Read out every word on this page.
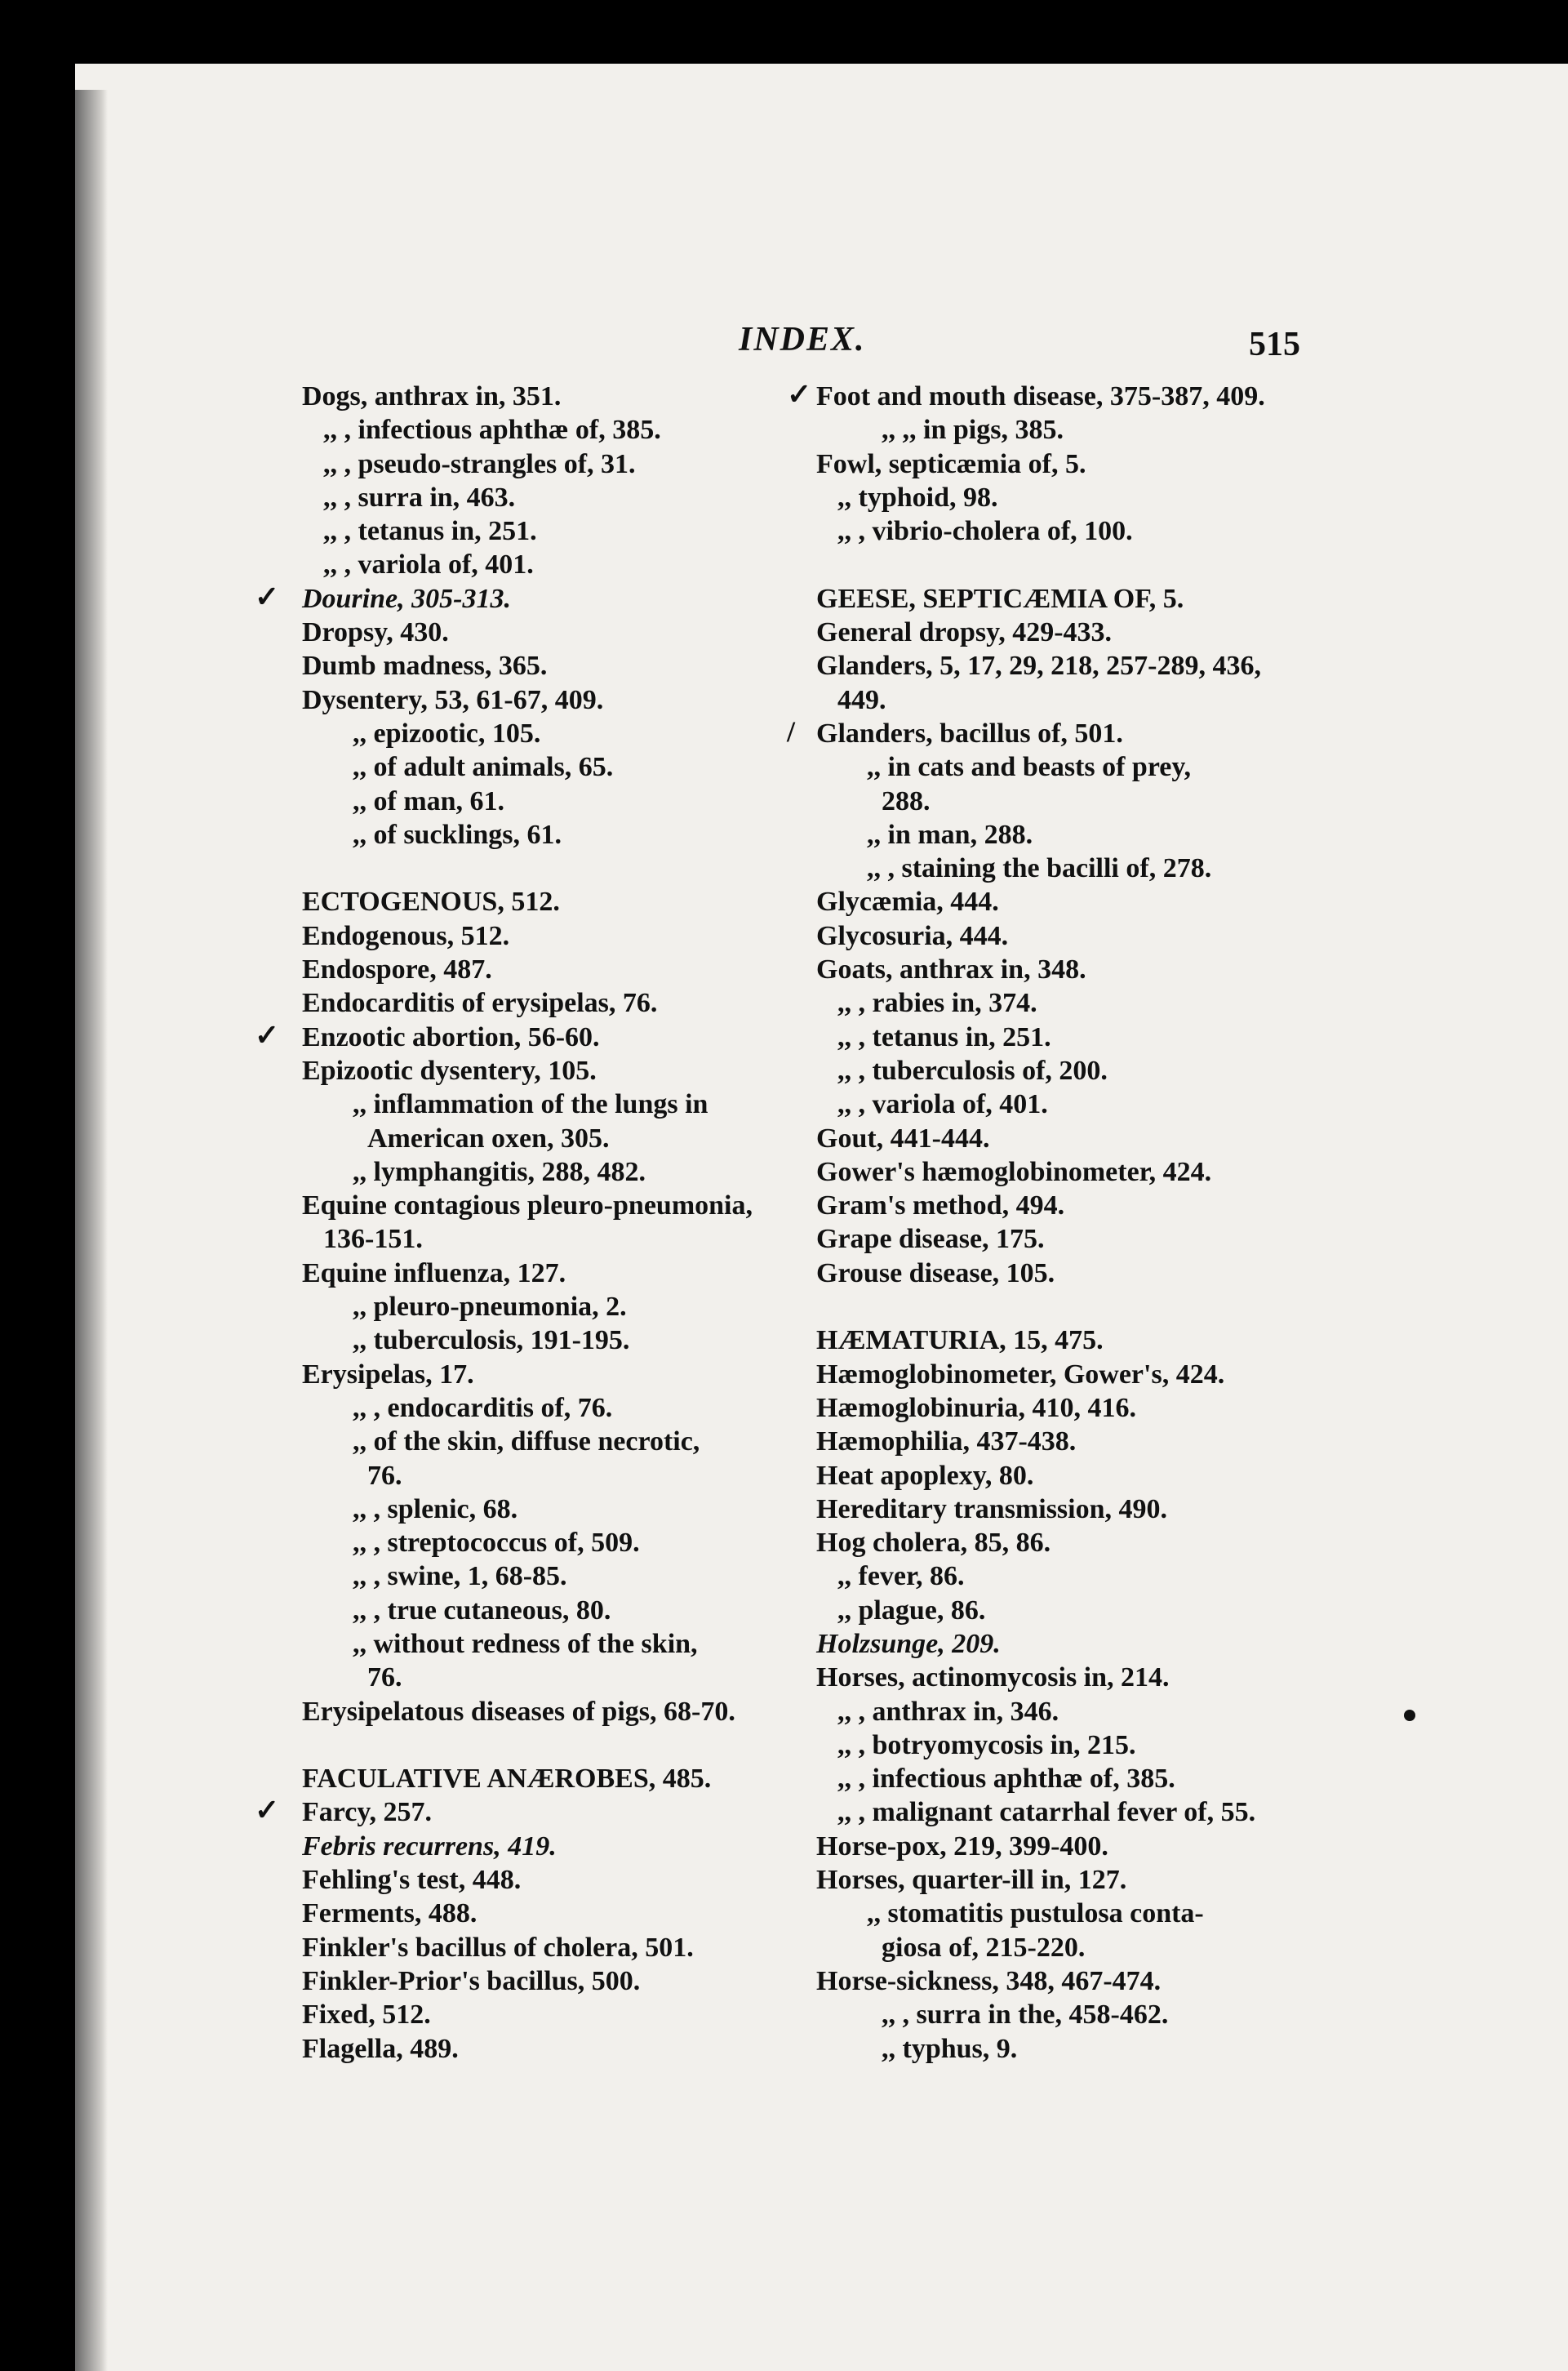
INDEX.	515
Dogs, anthrax in, 351.
,, , infectious aphthæ of, 385.
,, , pseudo-strangles of, 31.
,, , surra in, 463.
,, , tetanus in, 251.
,, , variola of, 401.
✓ Dourine, 305-313.
Dropsy, 430.
Dumb madness, 365.
Dysentery, 53, 61-67, 409.
,, epizootic, 105.
,, of adult animals, 65.
,, of man, 61.
,, of sucklings, 61.
ECTOGENOUS, 512.
Endogenous, 512.
Endospore, 487.
Endocarditis of erysipelas, 76.
✓ Enzootic abortion, 56-60.
Epizootic dysentery, 105.
,, inflammation of the lungs in
American oxen, 305.
,, lymphangitis, 288, 482.
Equine contagious pleuro-pneumonia,
136-151.
Equine influenza, 127.
,, pleuro-pneumonia, 2.
,, tuberculosis, 191-195.
Erysipelas, 17.
,, , endocarditis of, 76.
,, of the skin, diffuse necrotic,
76.
,, , splenic, 68.
,, , streptococcus of, 509.
,, , swine, 1, 68-85.
,, , true cutaneous, 80.
,, without redness of the skin,
76.
Erysipelatous diseases of pigs, 68-70.
FACULATIVE ANÆROBES, 485.
✓ Farcy, 257.
Febris recurrens, 419.
Fehling's test, 448.
Ferments, 488.
Finkler's bacillus of cholera, 501.
Finkler-Prior's bacillus, 500.
Fixed, 512.
Flagella, 489.
✓ Foot and mouth disease, 375-387, 409.
,, ,, in pigs, 385.
Fowl, septicæmia of, 5.
,, typhoid, 98.
,, , vibrio-cholera of, 100.
GEESE, SEPTICÆMIA OF, 5.
General dropsy, 429-433.
Glanders, 5, 17, 29, 218, 257-289, 436,
449.
/ Glanders, bacillus of, 501.
,, in cats and beasts of prey,
288.
,, in man, 288.
,, , staining the bacilli of, 278.
Glycæmia, 444.
Glycosuria, 444.
Goats, anthrax in, 348.
,, , rabies in, 374.
,, , tetanus in, 251.
,, , tuberculosis of, 200.
,, , variola of, 401.
Gout, 441-444.
Gower's hæmoglobinometer, 424.
Gram's method, 494.
Grape disease, 175.
Grouse disease, 105.
HÆMATURIA, 15, 475.
Hæmoglobinometer, Gower's, 424.
Hæmoglobinuria, 410, 416.
Hæmophilia, 437-438.
Heat apoplexy, 80.
Hereditary transmission, 490.
Hog cholera, 85, 86.
,, fever, 86.
,, plague, 86.
Holzsunge, 209.
Horses, actinomycosis in, 214.
,, , anthrax in, 346.
,, , botryomycosis in, 215.
,, , infectious aphthæ of, 385.
,, , malignant catarrhal fever of, 55.
Horse-pox, 219, 399-400.
Horses, quarter-ill in, 127.
,, stomatitis pustulosa conta-
giosa of, 215-220.
Horse-sickness, 348, 467-474.
,, , surra in the, 458-462.
,, typhus, 9.
